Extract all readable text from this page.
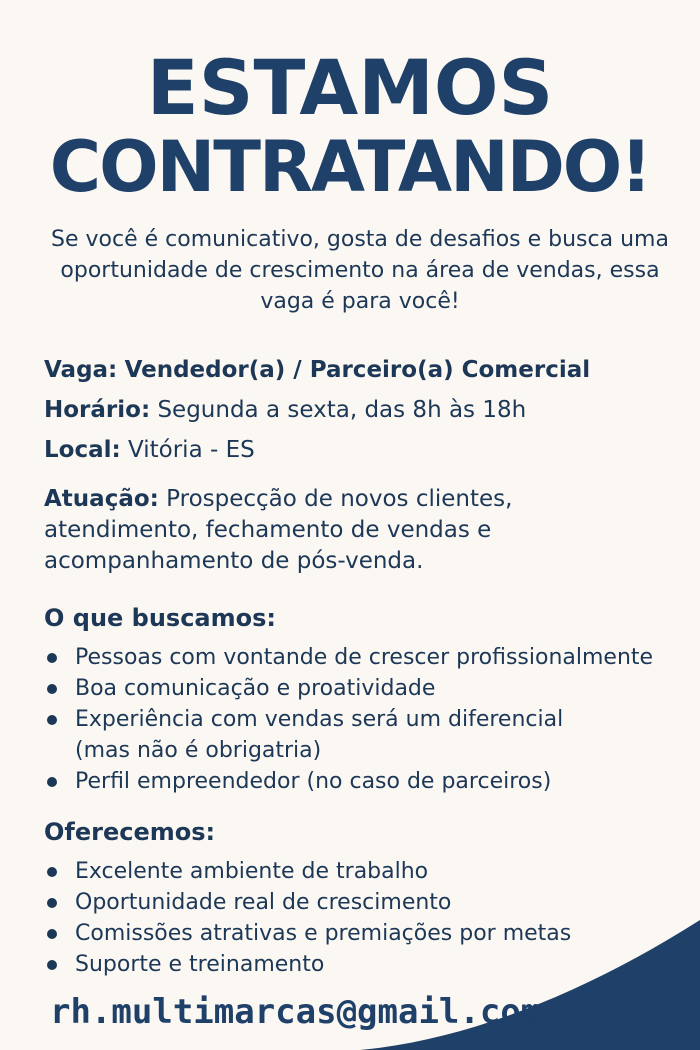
ESTAMOS
CONTRATANDO!
Se você é comunicativo, gosta de desafios e busca uma oportunidade de crescimento na área de vendas, essa vaga é para você!
Vaga: Vendedor(a) / Parceiro(a) Comercial
Horário: Segunda a sexta, das 8h às 18h
Local: Vitória - ES
Atuação: Prospecção de novos clientes, atendimento, fechamento de vendas e acompanhamento de pós-venda.
O que buscamos:
Pessoas com vontande de crescer profissionalmente
Boa comunicação e proatividade
Experiência com vendas será um diferencial
(mas não é obrigatria)
Perfil empreendedor (no caso de parceiros)
Oferecemos:
Excelente ambiente de trabalho
Oportunidade real de crescimento
Comissões atrativas e premiações por metas
Suporte e treinamento
rh.multimarcas@gmail.com
